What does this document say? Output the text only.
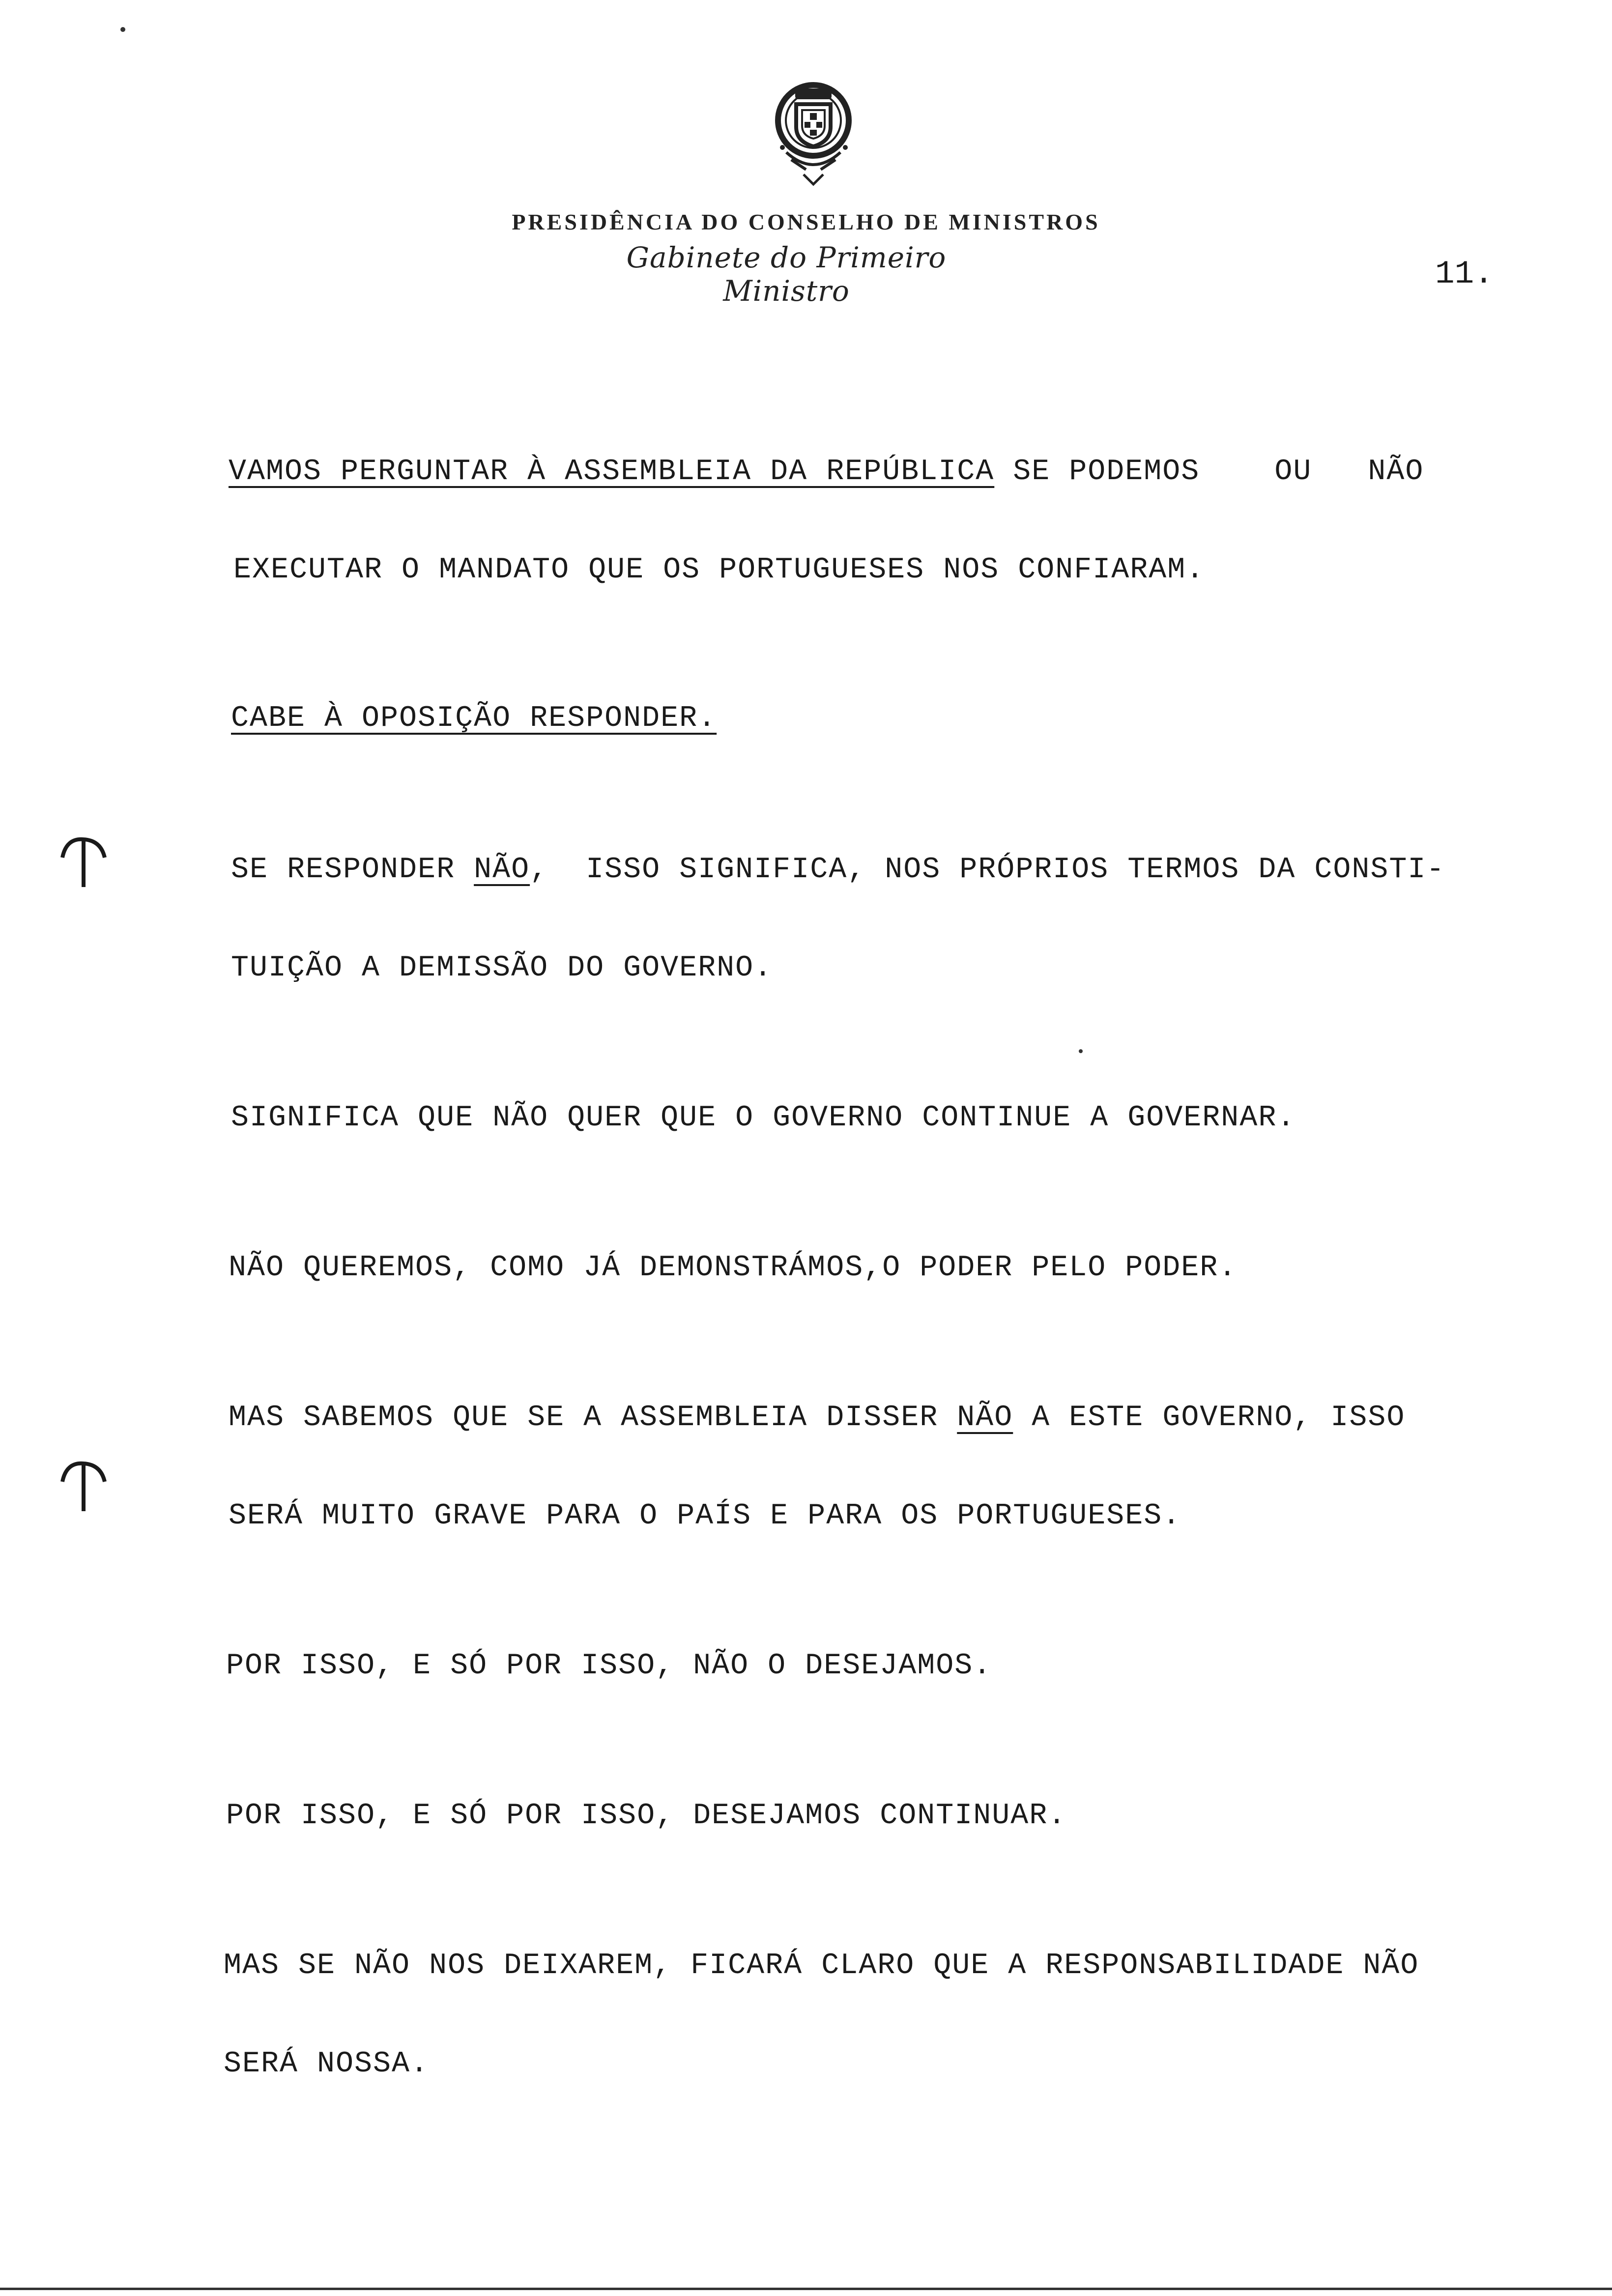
PRESIDÊNCIA DO CONSELHO DE MINISTROS
Gabinete do Primeiro Ministro	11.
VAMOS PERGUNTAR À ASSEMBLEIA DA REPÚBLICA SE PODEMOS    OU   NÃO
EXECUTAR O MANDATO QUE OS PORTUGUESES NOS CONFIARAM.
CABE À OPOSIÇÃO RESPONDER.
SE RESPONDER NÃO,  ISSO SIGNIFICA, NOS PRÓPRIOS TERMOS DA CONSTI-
TUIÇÃO A DEMISSÃO DO GOVERNO.
SIGNIFICA QUE NÃO QUER QUE O GOVERNO CONTINUE A GOVERNAR.
NÃO QUEREMOS, COMO JÁ DEMONSTRÁMOS,O PODER PELO PODER.
MAS SABEMOS QUE SE A ASSEMBLEIA DISSER NÃO A ESTE GOVERNO, ISSO
SERÁ MUITO GRAVE PARA O PAÍS E PARA OS PORTUGUESES.
POR ISSO, E SÓ POR ISSO, NÃO O DESEJAMOS.
POR ISSO, E SÓ POR ISSO, DESEJAMOS CONTINUAR.
MAS SE NÃO NOS DEIXAREM, FICARÁ CLARO QUE A RESPONSABILIDADE NÃO
SERÁ NOSSA.
